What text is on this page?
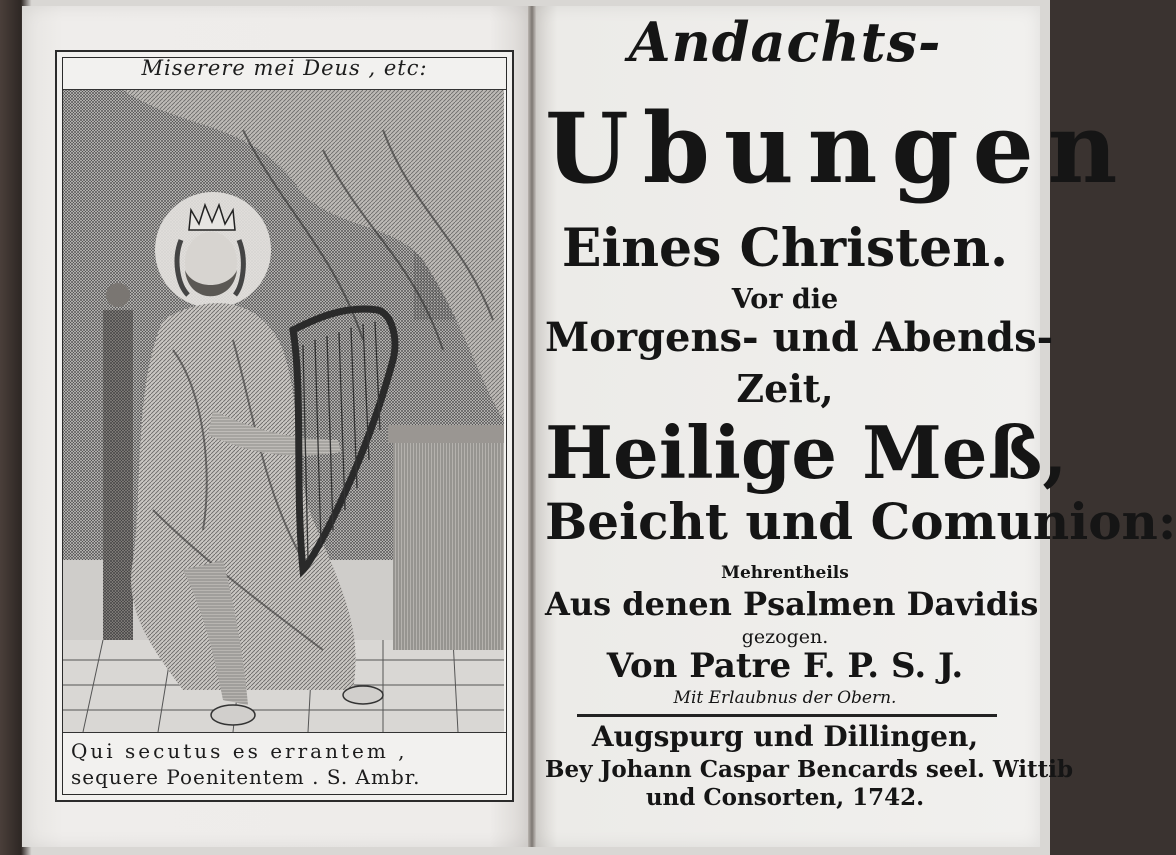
Miserere mei Deus , etc:
Qui secutus es errantem ,
sequere Poenitentem . S. Ambr.
Andachts-
Ubungen
Eines Christen.
Vor die
Morgens- und Abends-
Zeit,
Heilige Meß,
Beicht und Comunion:
Mehrentheils
Aus denen Psalmen Davidis
gezogen.
Von Patre F. P. S. J.
Mit Erlaubnus der Obern.
Augspurg und Dillingen,
Bey Johann Caspar Bencards seel. Wittib
und Consorten, 1742.
